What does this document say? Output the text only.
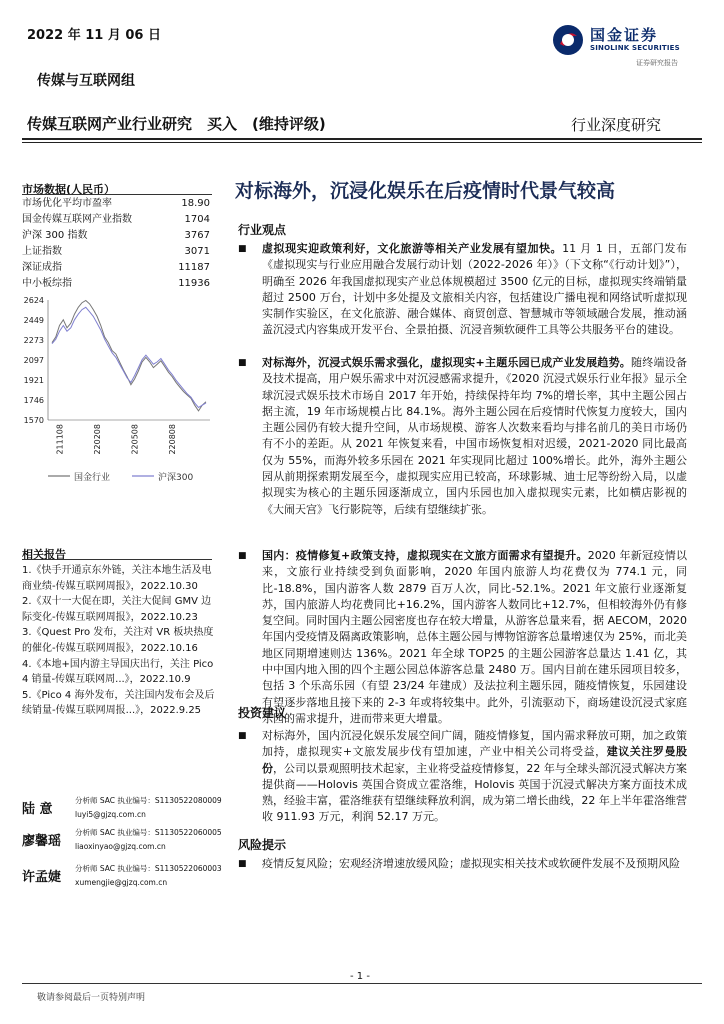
2022 年 11 月 06 日	国金证券
SINOLINK SECURITIES
证券研究报告
传媒与互联网组
传媒互联网产业行业研究　买入　(维持评级)	行业深度研究
对标海外，沉浸化娱乐在后疫情时代景气较高
市场数据(人民币）
市场优化平均市盈率	18.90
国金传媒互联网产业指数	1704
沪深 300 指数	3767
上证指数	3071
深证成指	11187
中小板综指	11936
2624
2449
2273
2097
1921
1746
1570
211108	220208	220508	220808
国金行业	沪深300
相关报告
1.《快手开通京东外链，关注本地生活及电商业绩-传媒互联网周报》，2022.10.30
2.《双十一大促在即，关注大促间 GMV 边际变化-传媒互联网周报》，2022.10.23
3.《Quest Pro 发布，关注对 VR 板块热度的催化-传媒互联网周报》，2022.10.16
4.《本地+国内游主导国庆出行，关注 Pico 4 销量-传媒互联网周...》，2022.10.9
5.《Pico 4 海外发布，关注国内发布会及后续销量-传媒互联网周报...》，2022.9.25
陆 意
分析师 SAC 执业编号：S1130522080009
luyi5@gjzq.com.cn
廖馨瑶
分析师 SAC 执业编号：S1130522060005
liaoxinyao@gjzq.com.cn
许孟婕
分析师 SAC 执业编号：S1130522060003
xumengjie@gjzq.com.cn
行业观点
■ 虚拟现实迎政策利好，文化旅游等相关产业发展有望加快。11 月 1 日，五部门发布《虚拟现实与行业应用融合发展行动计划（2022-2026 年）》（下文称“《行动计划》”），明确至 2026 年我国虚拟现实产业总体规模超过 3500 亿元的目标，虚拟现实终端销量超过 2500 万台，计划中多处提及文旅相关内容，包括建设广播电视和网络试听虚拟现实制作实验区，在文化旅游、融合媒体、商贸创意、智慧城市等领域融合发展，推动涵盖沉浸式内容集成开发平台、全景拍摄、沉浸音频软硬件工具等公共服务平台的建设。
■ 对标海外，沉浸式娱乐需求强化，虚拟现实+主题乐园已成产业发展趋势。随终端设备及技术提高，用户娱乐需求中对沉浸感需求提升，《2020 沉浸式娱乐行业年报》显示全球沉浸式娱乐技术市场自 2017 年开始，持续保持年均 7%的增长率，其中主题公园占据主流，19 年市场规模占比 84.1%。海外主题公园在后疫情时代恢复力度较大，国内主题公园仍有较大提升空间，从市场规模、游客人次数来看均与排名前几的美日市场仍有不小的差距。从 2021 年恢复来看，中国市场恢复相对迟缓，2021-2020 同比最高仅为 55%，而海外较多乐园在 2021 年实现同比超过 100%增长。此外，海外主题公园从前期探索期发展至今，虚拟现实应用已较高，环球影城、迪士尼等纷纷入局，以虚拟现实为核心的主题乐园逐渐成立，国内乐园也加入虚拟现实元素，比如横店影视的《大闹天宫》飞行影院等，后续有望继续扩张。
■ 国内：疫情修复+政策支持，虚拟现实在文旅方面需求有望提升。2020 年新冠疫情以来，文旅行业持续受到负面影响，2020 年国内旅游人均花费仅为 774.1 元，同比-18.8%，国内游客人数 2879 百万人次，同比-52.1%。2021 年文旅行业逐渐复苏，国内旅游人均花费同比+16.2%，国内游客人数同比+12.7%，但相较海外仍有修复空间。同时国内主题公园密度也存在较大增量，从游客总量来看，据 AECOM，2020 年国内受疫情及隔离政策影响，总体主题公园与博物馆游客总量增速仅为 25%，而北美地区同期增速则达 136%。2021 年全球 TOP25 的主题公园游客总量达 1.41 亿，其中中国内地入围的四个主题公园总体游客总量 2480 万。国内目前在建乐园项目较多，包括 3 个乐高乐园（有望 23/24 年建成）及法拉利主题乐园，随疫情恢复，乐园建设有望逐步落地且接下来的 2-3 年或将较集中。此外，引流驱动下，商场建设沉浸式家庭乐园的需求提升，进而带来更大增量。
投资建议
■ 对标海外，国内沉浸化娱乐发展空间广阔，随疫情修复，国内需求释放可期，加之政策加持，虚拟现实+文旅发展步伐有望加速，产业中相关公司将受益，建议关注罗曼股份，公司以景观照明技术起家，主业将受益疫情修复，22 年与全球头部沉浸式解决方案提供商——Holovis 英国合资成立霍洛维，Holovis 英国于沉浸式解决方案方面技术成熟，经验丰富，霍洛维获有望继续释放利润，成为第二增长曲线，22 年上半年霍洛维营收 911.93 万元，利润 52.17 万元。
风险提示
■ 疫情反复风险；宏观经济增速放缓风险；虚拟现实相关技术或软硬件发展不及预期风险
- 1 -
敬请参阅最后一页特别声明
